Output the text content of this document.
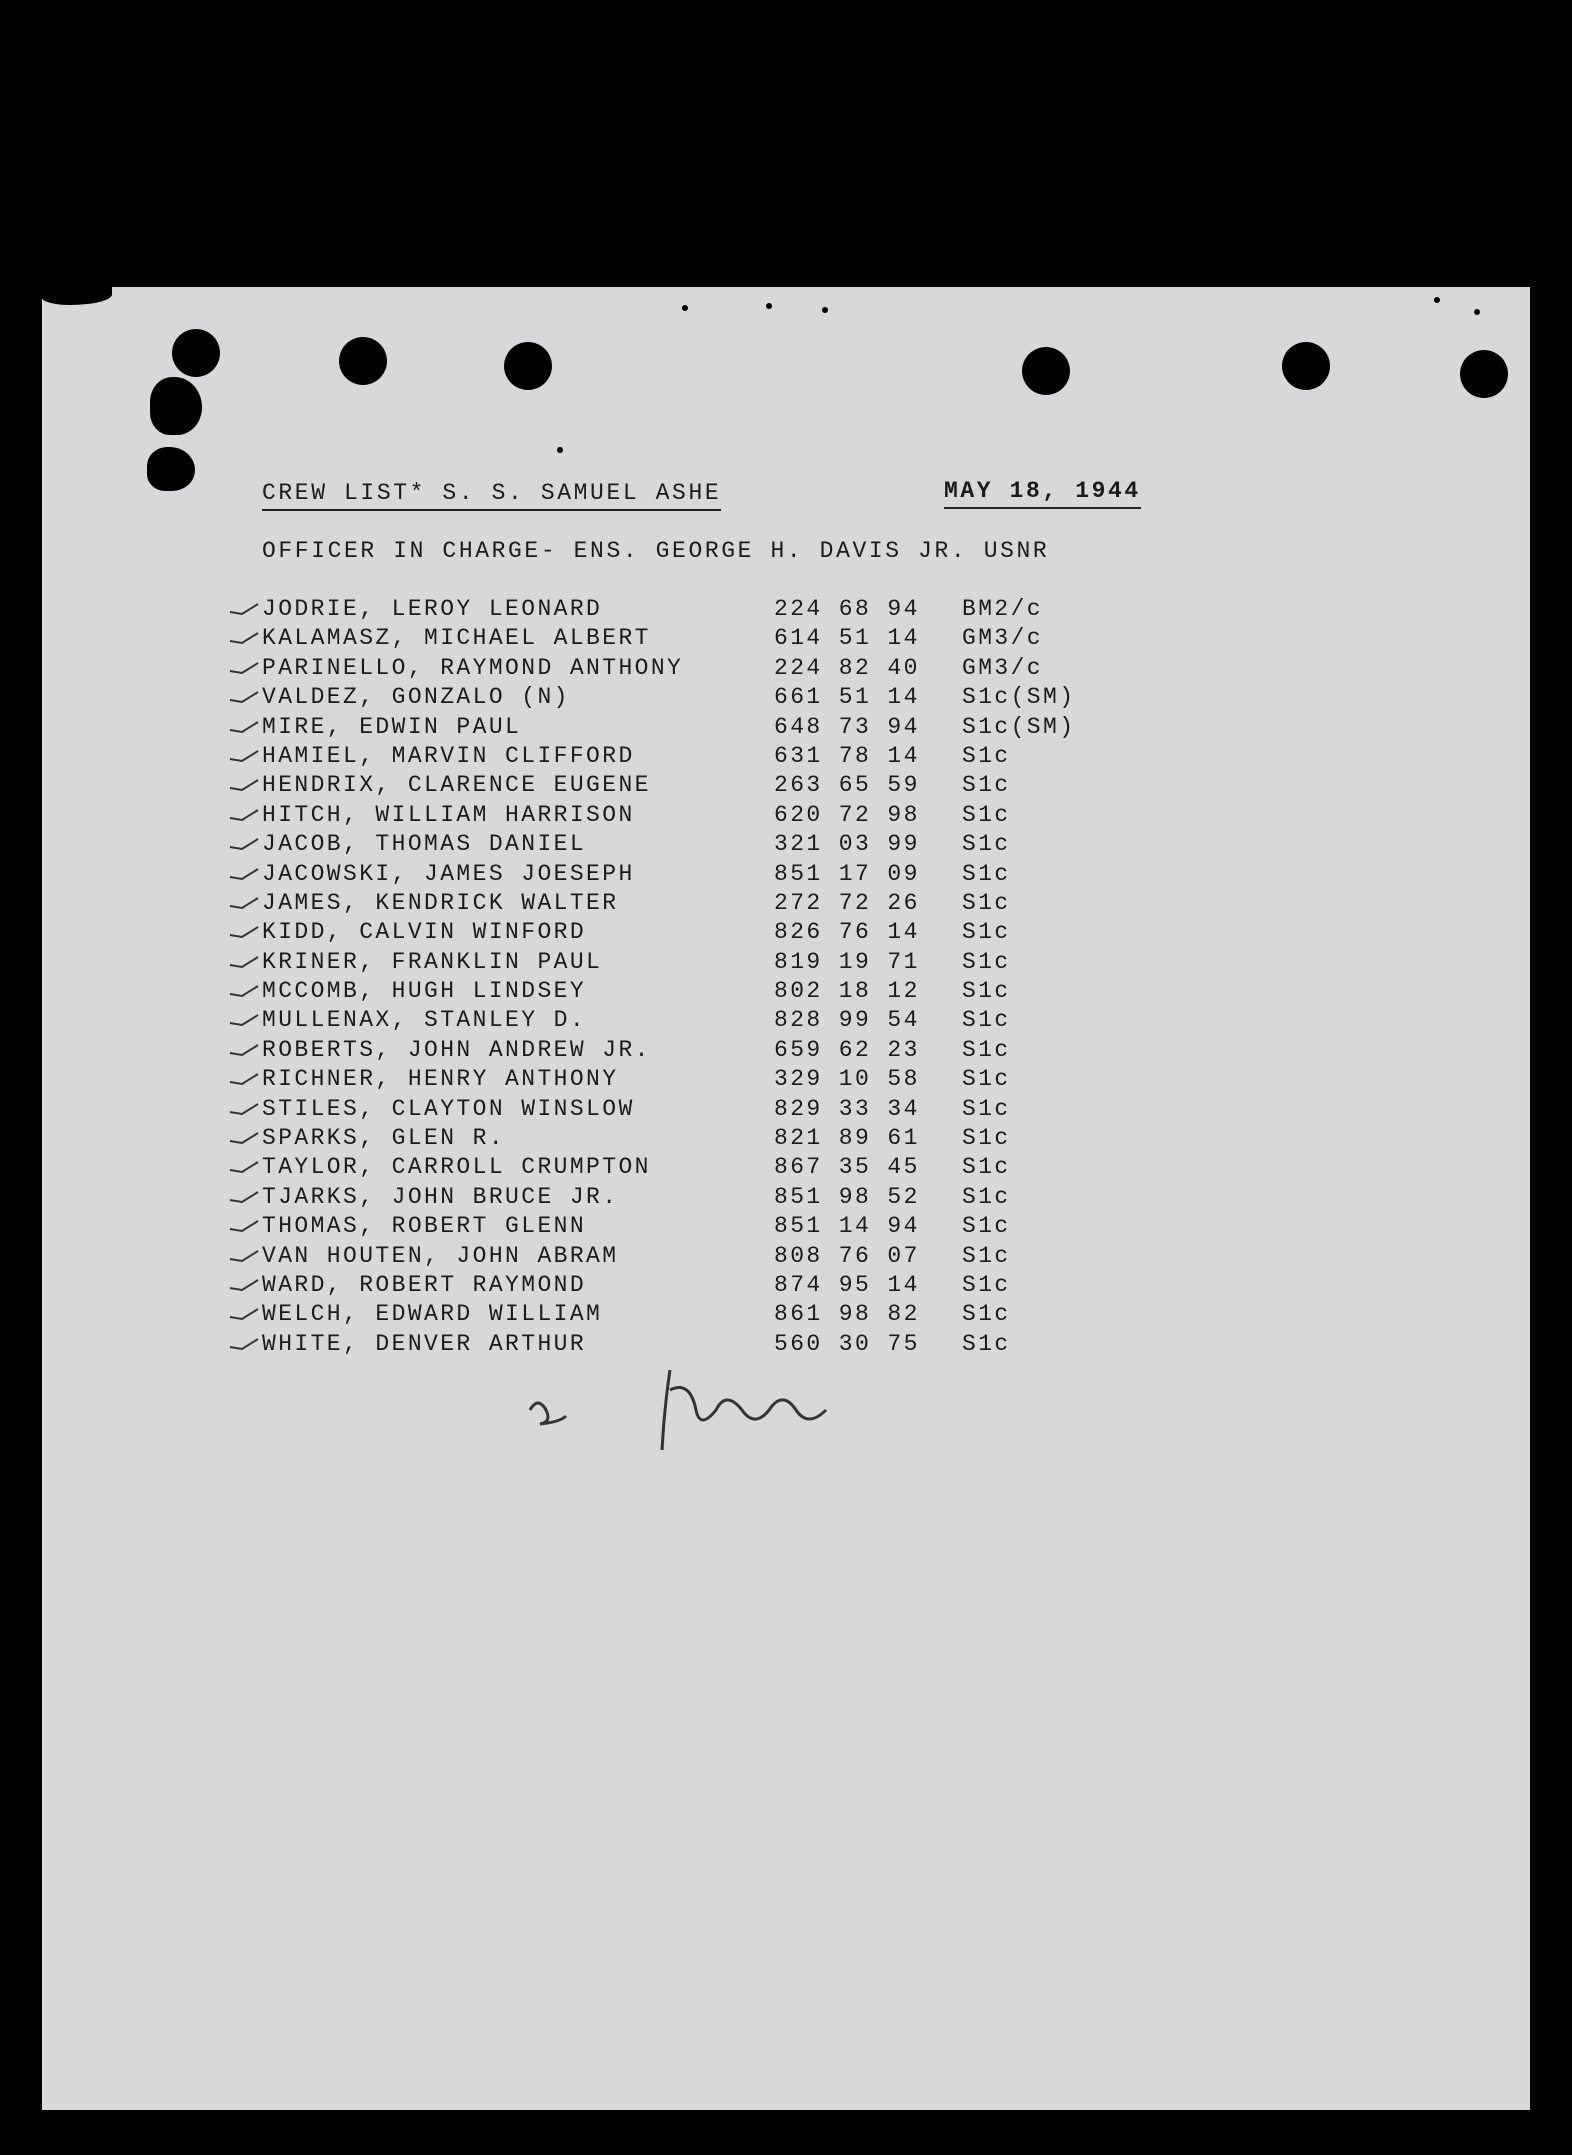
CREW LIST* S. S. SAMUEL ASHE	MAY 18, 1944
OFFICER IN CHARGE- ENS. GEORGE H. DAVIS JR. USNR
JODRIE, LEROY LEONARD	224 68 94 BM2/c
KALAMASZ, MICHAEL ALBERT	614 51 14 GM3/c
PARINELLO, RAYMOND ANTHONY	224 82 40 GM3/c
VALDEZ, GONZALO (N)	661 51 14 S1c(SM)
MIRE, EDWIN PAUL	648 73 94 S1c(SM)
HAMIEL, MARVIN CLIFFORD	631 78 14 S1c
HENDRIX, CLARENCE EUGENE	263 65 59 S1c
HITCH, WILLIAM HARRISON	620 72 98 S1c
JACOB, THOMAS DANIEL	321 03 99 S1c
JACOWSKI, JAMES JOESEPH	851 17 09 S1c
JAMES, KENDRICK WALTER	272 72 26 S1c
KIDD, CALVIN WINFORD	826 76 14 S1c
KRINER, FRANKLIN PAUL	819 19 71 S1c
MCCOMB, HUGH LINDSEY	802 18 12 S1c
MULLENAX, STANLEY D.	828 99 54 S1c
ROBERTS, JOHN ANDREW JR.	659 62 23 S1c
RICHNER, HENRY ANTHONY	329 10 58 S1c
STILES, CLAYTON WINSLOW	829 33 34 S1c
SPARKS, GLEN R.	821 89 61 S1c
TAYLOR, CARROLL CRUMPTON	867 35 45 S1c
TJARKS, JOHN BRUCE JR.	851 98 52 S1c
THOMAS, ROBERT GLENN	851 14 94 S1c
VAN HOUTEN, JOHN ABRAM	808 76 07 S1c
WARD, ROBERT RAYMOND	874 95 14 S1c
WELCH, EDWARD WILLIAM	861 98 82 S1c
WHITE, DENVER ARTHUR	560 30 75 S1c
